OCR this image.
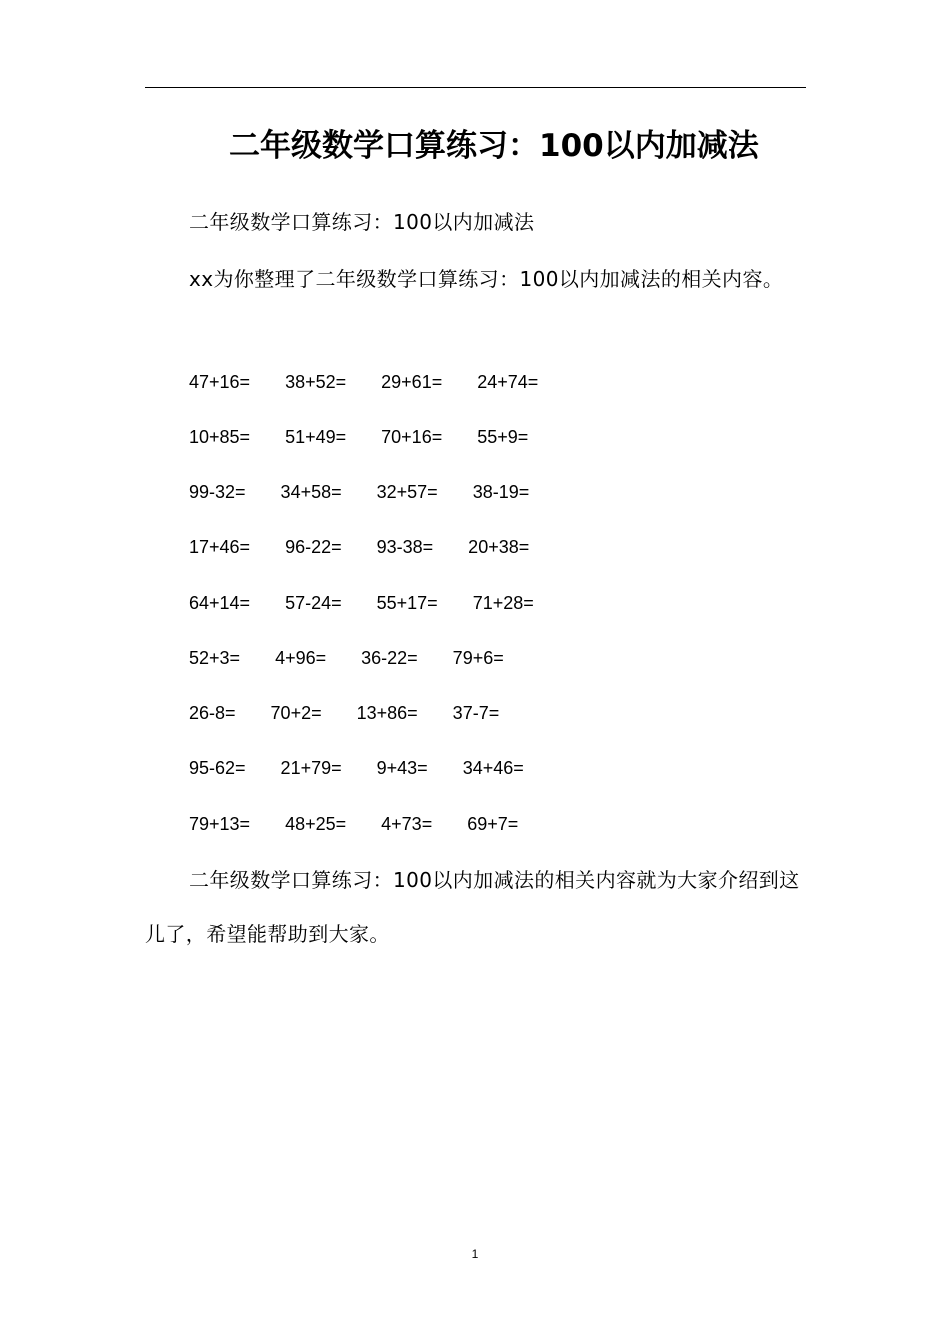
二年级数学口算练习：100以内加减法
二年级数学口算练习：100以内加减法
xx为你整理了二年级数学口算练习：100以内加减法的相关内容。
47+16=       38+52=       29+61=       24+74=
10+85=       51+49=       70+16=       55+9=
99-32=       34+58=       32+57=       38-19=
17+46=       96-22=       93-38=       20+38=
64+14=       57-24=       55+17=       71+28=
52+3=       4+96=       36-22=       79+6=
26-8=       70+2=       13+86=       37-7=
95-62=       21+79=       9+43=       34+46=
79+13=       48+25=       4+73=       69+7=
二年级数学口算练习：100以内加减法的相关内容就为大家介绍到这儿了，希望能帮助到大家。
1
